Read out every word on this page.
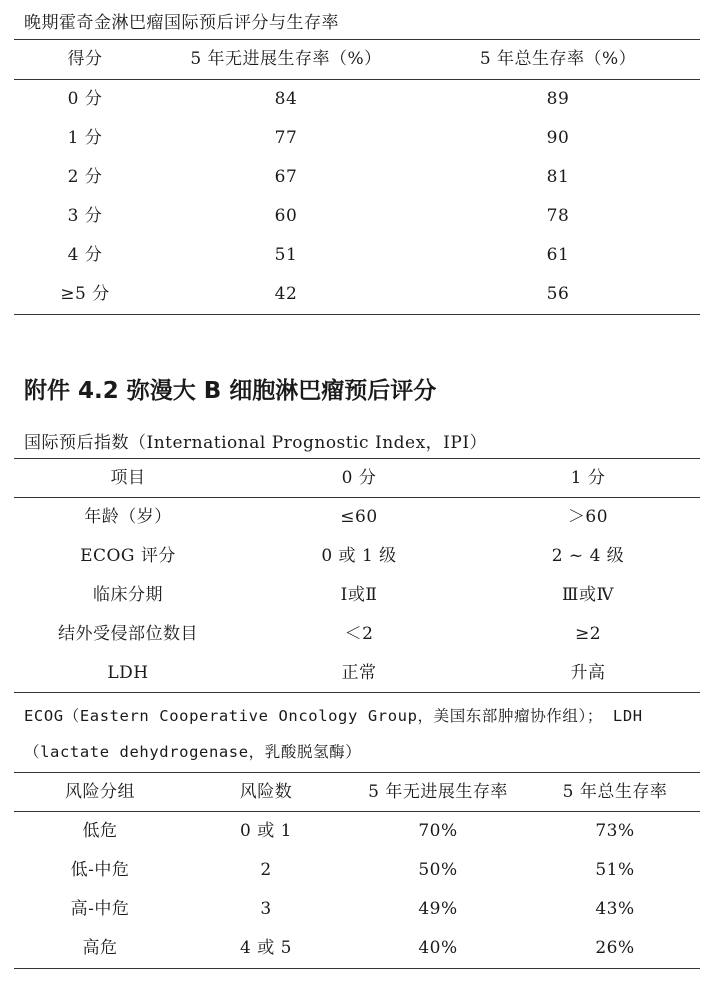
晚期霍奇金淋巴瘤国际预后评分与生存率
得分	5 年无进展生存率（%）	5 年总生存率（%）
0 分	84	89
1 分	77	90
2 分	67	81
3 分	60	78
4 分	51	61
≥5 分	42	56
附件 4.2 弥漫大 B 细胞淋巴瘤预后评分
国际预后指数（International Prognostic Index，IPI）
项目	0 分	1 分
年龄（岁）	≤60	＞60
ECOG 评分	0 或 1 级	2 ~ 4 级
临床分期	Ⅰ或Ⅱ	Ⅲ或Ⅳ
结外受侵部位数目	＜2	≥2
LDH	正常	升高
ECOG（Eastern Cooperative Oncology Group，美国东部肿瘤协作组）； LDH
（lactate dehydrogenase，乳酸脱氢酶）
风险分组	风险数	5 年无进展生存率	5 年总生存率
低危	0 或 1	70%	73%
低-中危	2	50%	51%
高-中危	3	49%	43%
高危	4 或 5	40%	26%
